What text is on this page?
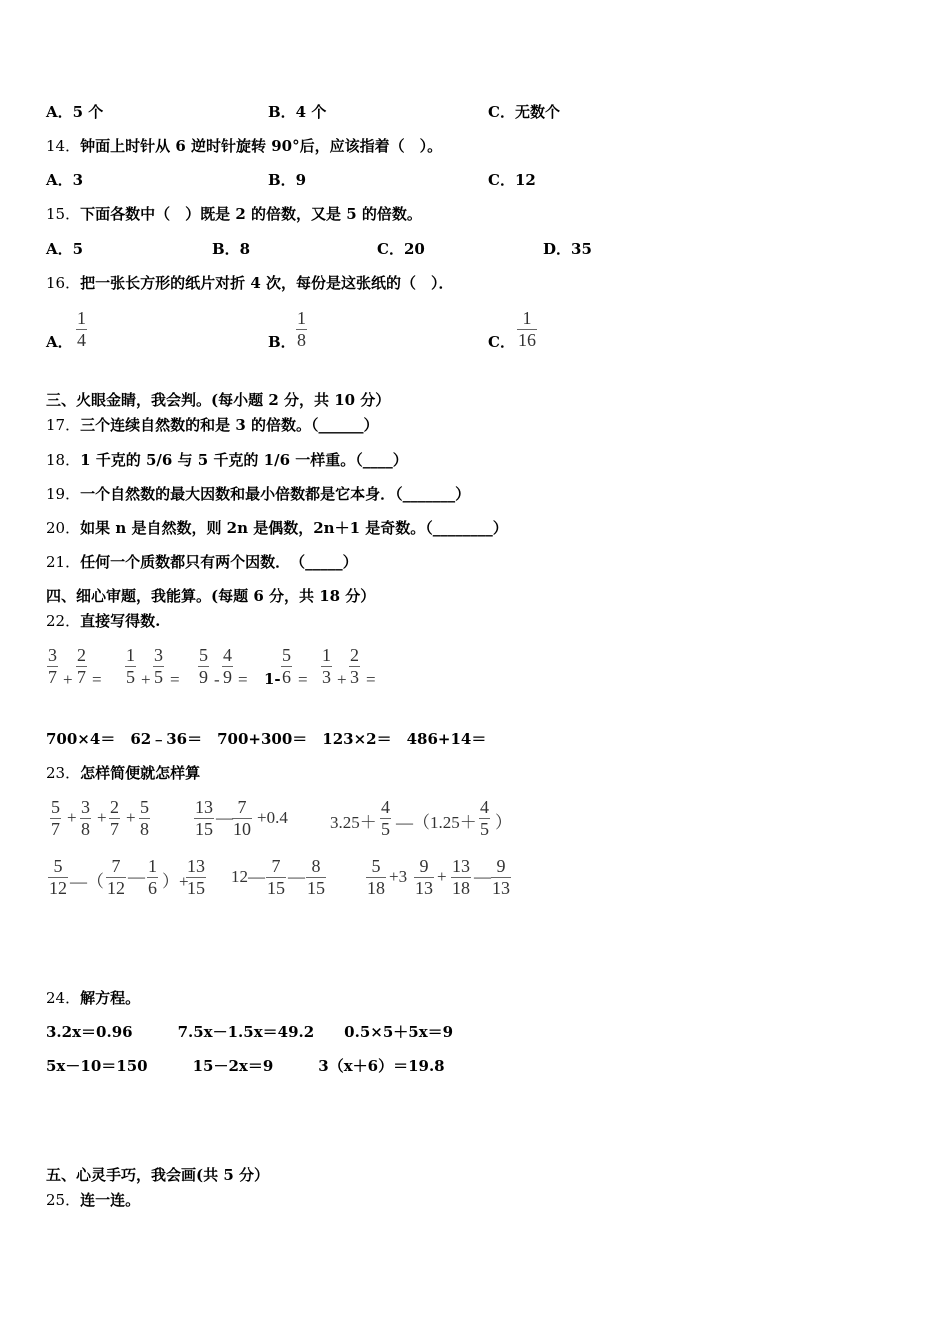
A．5 个	B．4 个	C．无数个
14．钟面上时针从 6 逆时针旋转 90°后，应该指着（　）。
A．3	B．9	C．12
15．下面各数中（　）既是 2 的倍数，又是 5 的倍数。
A．5	B．8	C．20	D．35
16．把一张长方形的纸片对折 4 次，每份是这张纸的（　）．
A．
1
4	B．
1
8	C．
1
16
三、火眼金睛，我会判。(每小题 2 分，共 10 分）
17．三个连续自然数的和是 3 的倍数。（______）
18．1 千克的 5/6 与 5 千克的 1/6 一样重。（____）
19．一个自然数的最大因数和最小倍数都是它本身．（_______）
20．如果 n 是自然数，则 2n 是偶数，2n＋1 是奇数。（________）
21．任何一个质数都只有两个因数．　（_____）
四、细心审题，我能算。(每题 6 分，共 18 分）
22．直接写得数.
3
7 +
2
7 =
1
5 +
3
5 =
5
9 -
4
9 = 1-
5
6 =
1
3 +
2
3 =
700×4＝　62﹣36＝　700+300＝　123×2＝　486+14＝
23．怎样简便就怎样算
5
7
+
3
8
+
2
7
+
5
8
13
15
—
7
10
+0.4 3.25＋
4
5 —（1.25＋
4
5 ）
5
12 —（
7
12
—
1
6 ）+
13
15
12—
7
15
—
8
15
5
18
+3
9
13
+
13
18
—
9
13
24．解方程。
3.2x＝0.96　　　7.5x－1.5x＝49.2　　0.5×5＋5x＝9
5x－10＝150　　　15－2x＝9　　　3（x＋6）＝19.8
五、心灵手巧，我会画(共 5 分）
25．连一连。
